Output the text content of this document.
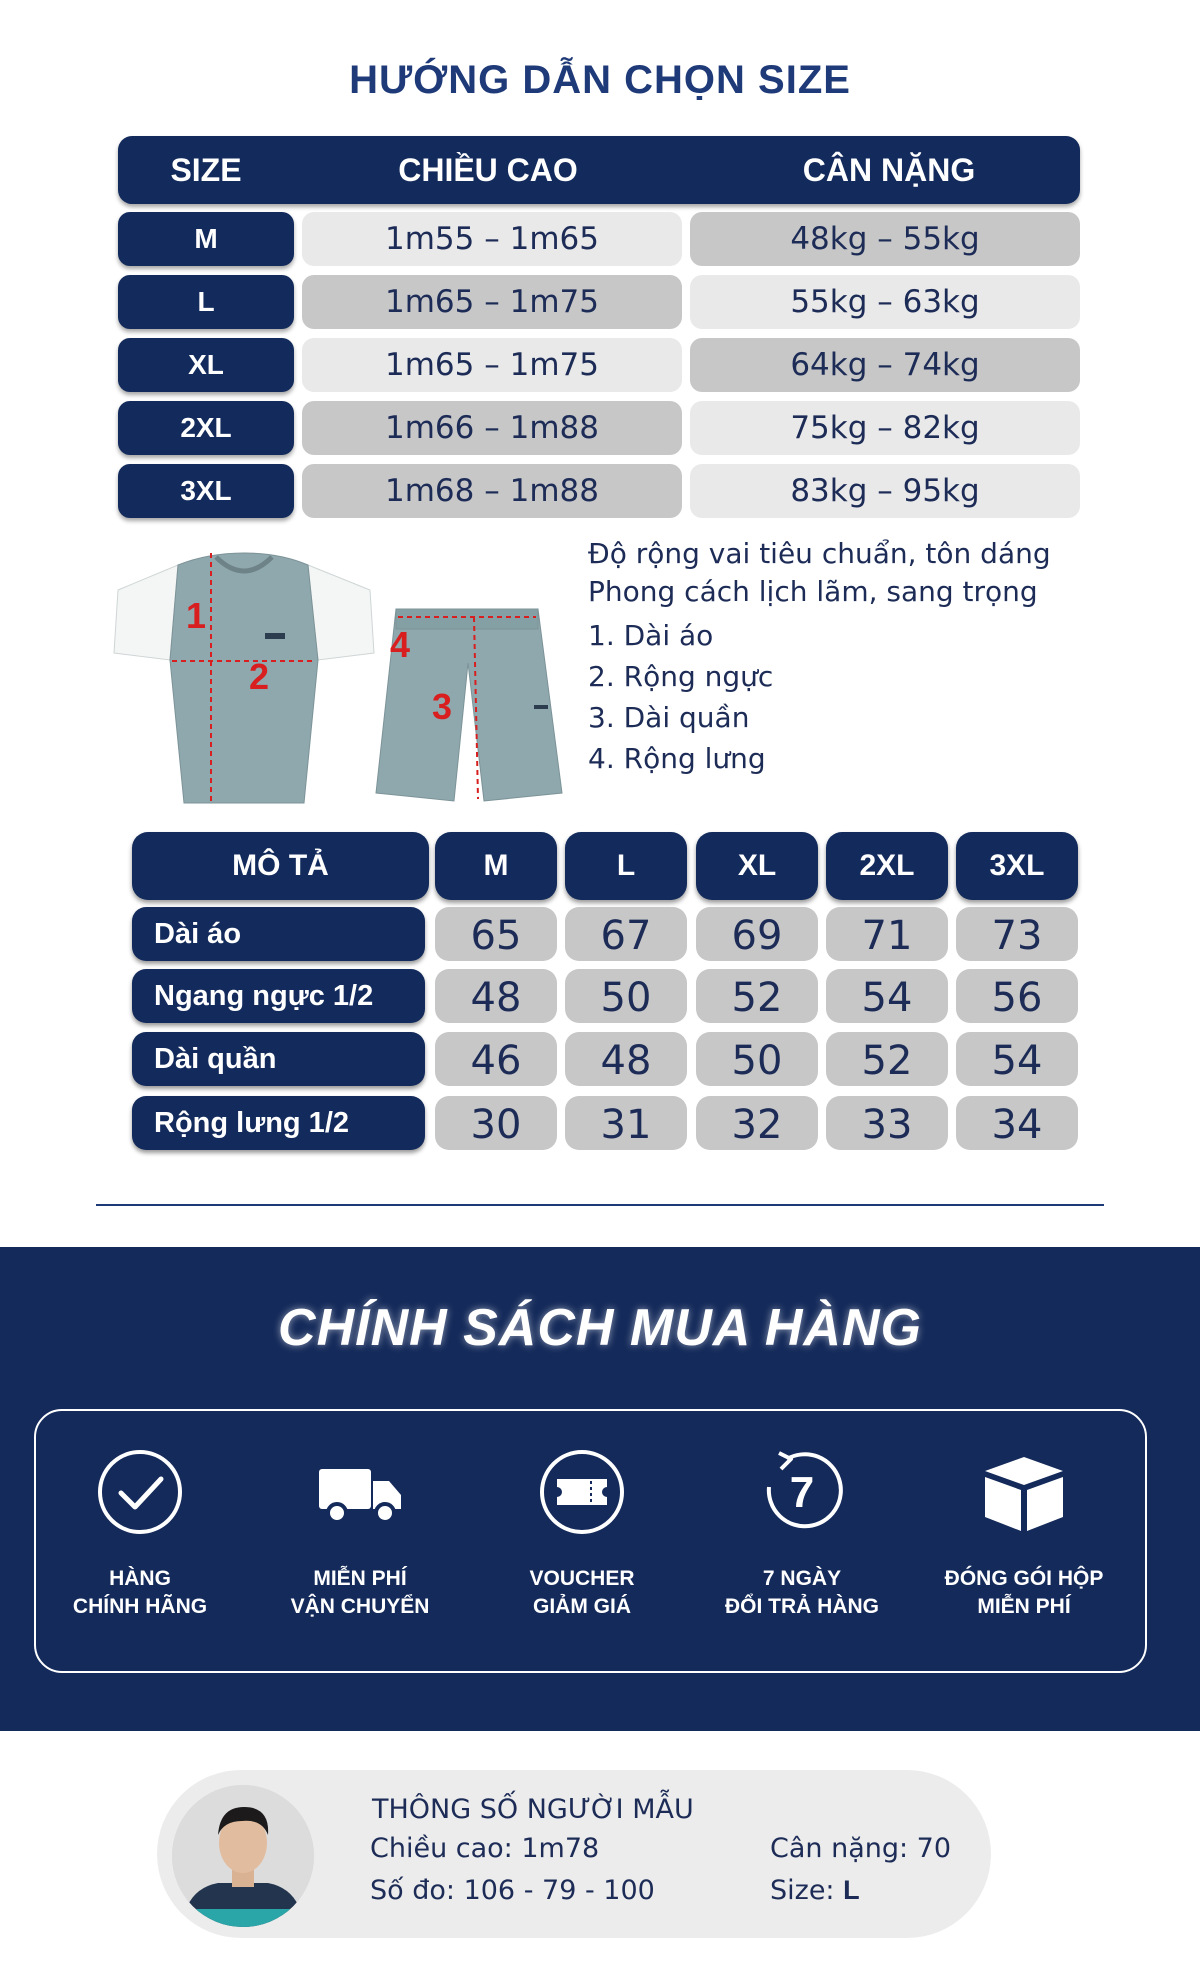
HƯỚNG DẪN CHỌN SIZE
SIZE	CHIỀU CAO	CÂN NẶNG
M	1m55 – 1m65	48kg – 55kg
L	1m65 – 1m75	55kg – 63kg
XL	1m65 – 1m75	64kg – 74kg
2XL	1m66 – 1m88	75kg – 82kg
3XL	1m68 – 1m88	83kg – 95kg
1
2
3
4
Độ rộng vai tiêu chuẩn, tôn dáng
Phong cách lịch lãm, sang trọng
1. Dài áo
2. Rộng ngực
3. Dài quần
4. Rộng lưng
MÔ TẢ	M	L	XL	2XL	3XL
Dài áo	65	67	69	71	73
Ngang ngực 1/2	48	50	52	54	56
Dài quần	46	48	50	52	54
Rộng lưng 1/2	30	31	32	33	34
CHÍNH SÁCH MUA HÀNG
HÀNG
CHÍNH HÃNG
MIỄN PHÍ
VẬN CHUYỂN
VOUCHER
GIẢM GIÁ
7
7 NGÀY
ĐỔI TRẢ HÀNG
ĐÓNG GÓI HỘP
MIỄN PHÍ
THÔNG SỐ NGƯỜI MẪU
Chiều cao: 1m78	Cân nặng: 70
Số đo: 106 - 79 - 100	Size: L
